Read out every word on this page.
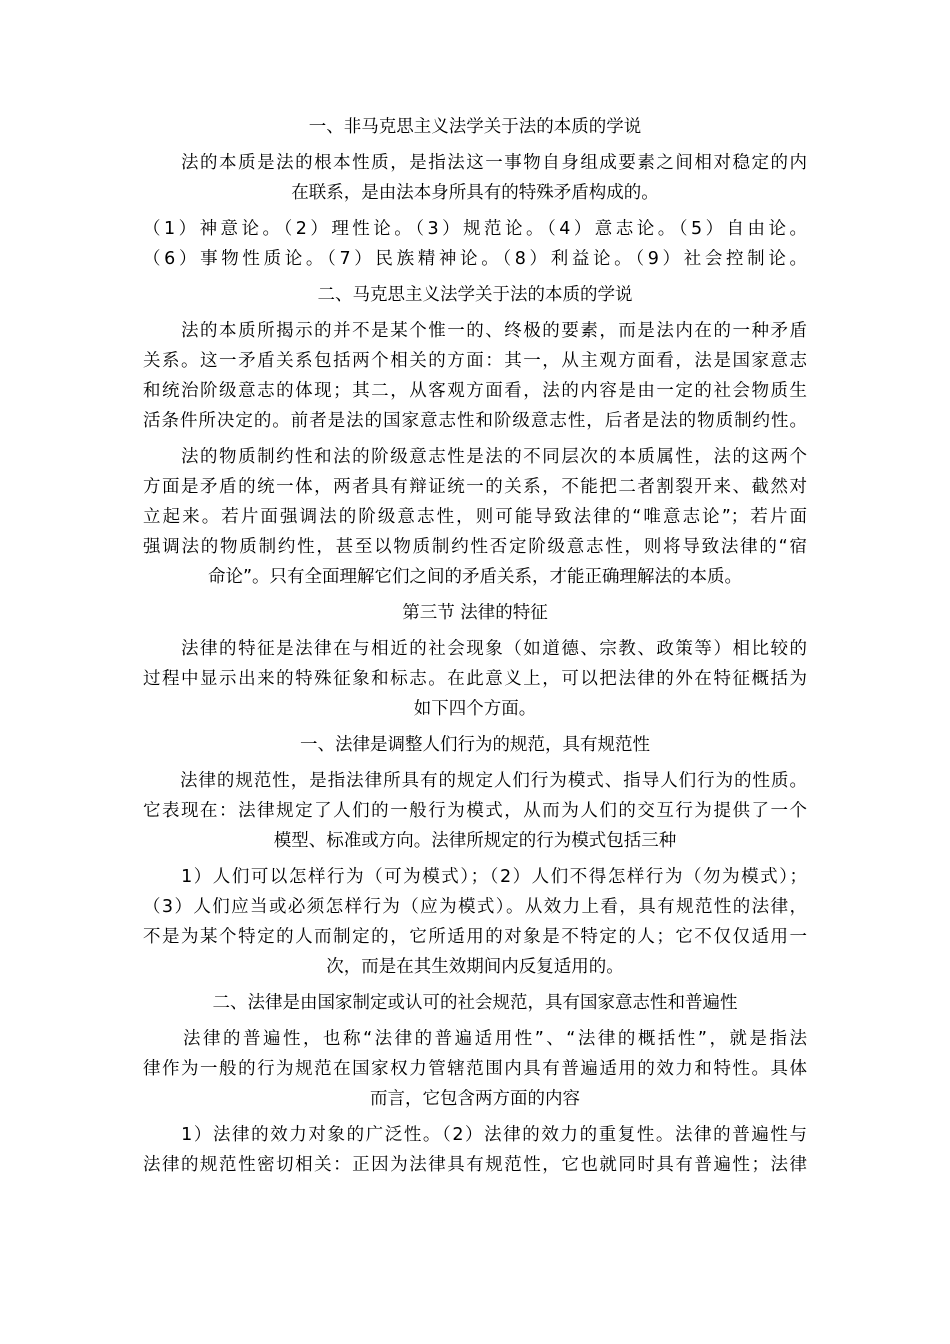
一、非马克思主义法学关于法的本质的学说
　　法的本质是法的根本性质，是指法这一事物自身组成要素之间相对稳定的内
在联系，是由法本身所具有的特殊矛盾构成的。
（1）神意论。（2）理性论。（3）规范论。（4）意志论。（5）自由论。
（6）事物性质论。（7）民族精神论。（8）利益论。（9）社会控制论。
二、马克思主义法学关于法的本质的学说
　　法的本质所揭示的并不是某个惟一的、终极的要素，而是法内在的一种矛盾
关系。这一矛盾关系包括两个相关的方面：其一，从主观方面看，法是国家意志
和统治阶级意志的体现；其二，从客观方面看，法的内容是由一定的社会物质生
活条件所决定的。前者是法的国家意志性和阶级意志性，后者是法的物质制约性。
　　法的物质制约性和法的阶级意志性是法的不同层次的本质属性，法的这两个
方面是矛盾的统一体，两者具有辩证统一的关系，不能把二者割裂开来、截然对
立起来。若片面强调法的阶级意志性，则可能导致法律的“唯意志论”；若片面
强调法的物质制约性，甚至以物质制约性否定阶级意志性，则将导致法律的“宿
命论”。只有全面理解它们之间的矛盾关系，才能正确理解法的本质。
第三节 法律的特征
　　法律的特征是法律在与相近的社会现象（如道德、宗教、政策等）相比较的
过程中显示出来的特殊征象和标志。在此意义上，可以把法律的外在特征概括为
如下四个方面。
一、法律是调整人们行为的规范，具有规范性
　　法律的规范性，是指法律所具有的规定人们行为模式、指导人们行为的性质。
它表现在：法律规定了人们的一般行为模式，从而为人们的交互行为提供了一个
模型、标准或方向。法律所规定的行为模式包括三种
　　1）人们可以怎样行为（可为模式）；（2）人们不得怎样行为（勿为模式）；
（3）人们应当或必须怎样行为（应为模式）。从效力上看，具有规范性的法律，
不是为某个特定的人而制定的，它所适用的对象是不特定的人；它不仅仅适用一
次，而是在其生效期间内反复适用的。
二、法律是由国家制定或认可的社会规范，具有国家意志性和普遍性
　　法律的普遍性，也称“法律的普遍适用性”、“法律的概括性”，就是指法
律作为一般的行为规范在国家权力管辖范围内具有普遍适用的效力和特性。具体
而言，它包含两方面的内容
　　1）法律的效力对象的广泛性。（2）法律的效力的重复性。法律的普遍性与
法律的规范性密切相关：正因为法律具有规范性，它也就同时具有普遍性；法律
